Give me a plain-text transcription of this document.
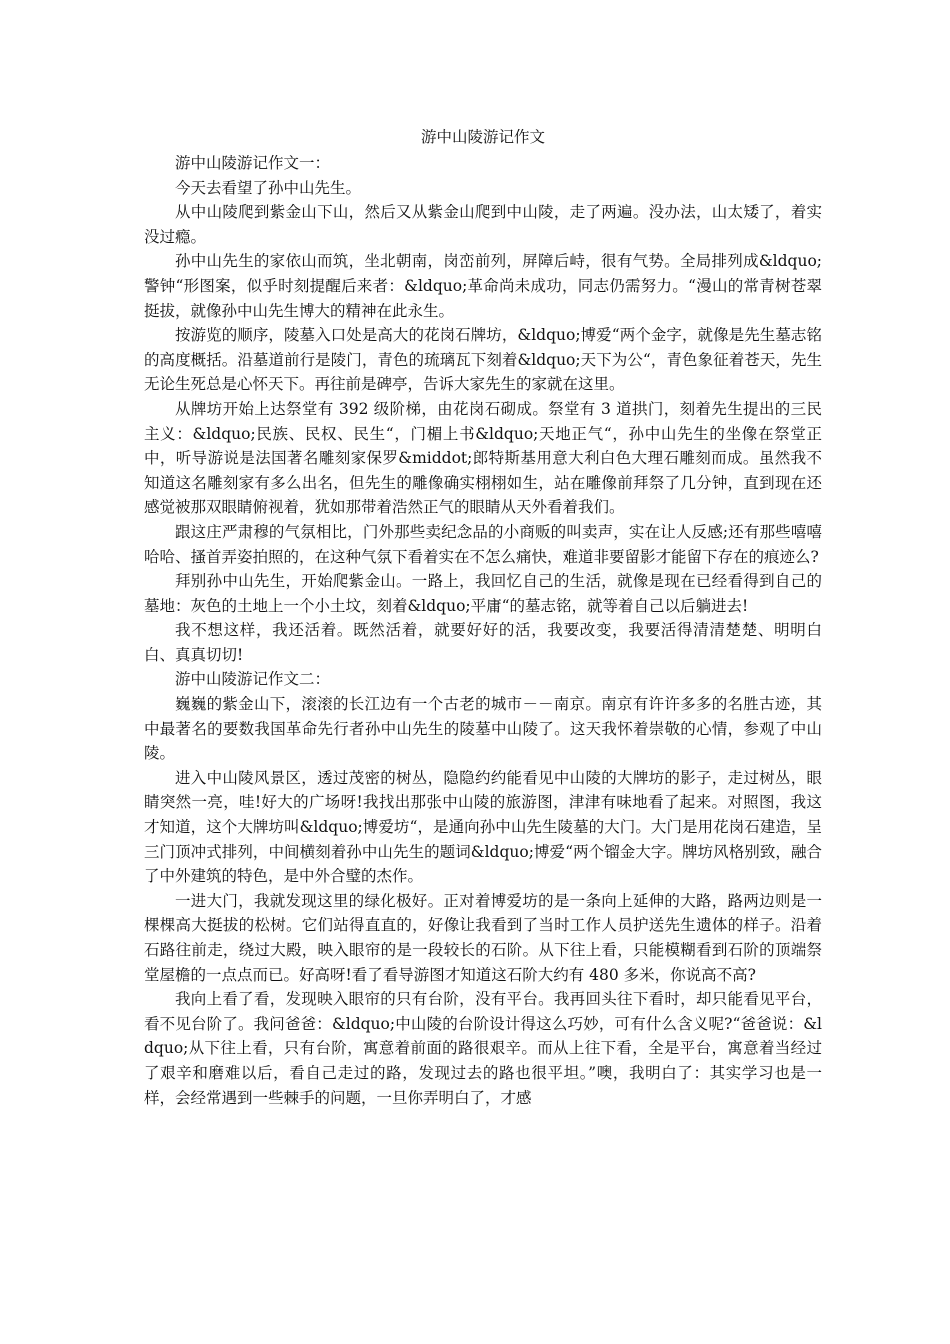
游中山陵游记作文

游中山陵游记作文一：

今天去看望了孙中山先生。

从中山陵爬到紫金山下山，然后又从紫金山爬到中山陵，走了两遍。没办法，山太矮了，着实没过瘾。

孙中山先生的家依山而筑，坐北朝南，岗峦前列，屏障后峙，很有气势。全局排列成&ldquo;警钟“形图案，似乎时刻提醒后来者：&ldquo;革命尚未成功，同志仍需努力。“漫山的常青树苍翠挺拔，就像孙中山先生博大的精神在此永生。

按游览的顺序，陵墓入口处是高大的花岗石牌坊，&ldquo;博爱“两个金字，就像是先生墓志铭的高度概括。沿墓道前行是陵门，青色的琉璃瓦下刻着&ldquo;天下为公“，青色象征着苍天，先生无论生死总是心怀天下。再往前是碑亭，告诉大家先生的家就在这里。

从牌坊开始上达祭堂有 392 级阶梯，由花岗石砌成。祭堂有 3 道拱门，刻着先生提出的三民主义：&ldquo;民族、民权、民生“，门楣上书&ldquo;天地正气“，孙中山先生的坐像在祭堂正中，听导游说是法国著名雕刻家保罗&middot;郎特斯基用意大利白色大理石雕刻而成。虽然我不知道这名雕刻家有多么出名，但先生的雕像确实栩栩如生，站在雕像前拜祭了几分钟，直到现在还感觉被那双眼睛俯视着，犹如那带着浩然正气的眼睛从天外看着我们。

跟这庄严肃穆的气氛相比，门外那些卖纪念品的小商贩的叫卖声，实在让人反感;还有那些嘻嘻哈哈、搔首弄姿拍照的，在这种气氛下看着实在不怎么痛快，难道非要留影才能留下存在的痕迹么?

拜别孙中山先生，开始爬紫金山。一路上，我回忆自己的生活，就像是现在已经看得到自己的墓地：灰色的土地上一个小土坟，刻着&ldquo;平庸“的墓志铭，就等着自己以后躺进去!

我不想这样，我还活着。既然活着，就要好好的活，我要改变，我要活得清清楚楚、明明白白、真真切切!

游中山陵游记作文二：

巍巍的紫金山下，滚滚的长江边有一个古老的城市－－南京。南京有许许多多的名胜古迹，其中最著名的要数我国革命先行者孙中山先生的陵墓中山陵了。这天我怀着崇敬的心情，参观了中山陵。

进入中山陵风景区，透过茂密的树丛，隐隐约约能看见中山陵的大牌坊的影子，走过树丛，眼睛突然一亮，哇!好大的广场呀!我找出那张中山陵的旅游图，津津有味地看了起来。对照图，我这才知道，这个大牌坊叫&ldquo;博爱坊“，是通向孙中山先生陵墓的大门。大门是用花岗石建造，呈三门顶冲式排列，中间横刻着孙中山先生的题词&ldquo;博爱“两个镏金大字。牌坊风格别致，融合了中外建筑的特色，是中外合璧的杰作。

一进大门，我就发现这里的绿化极好。正对着博爱坊的是一条向上延伸的大路，路两边则是一棵棵高大挺拔的松树。它们站得直直的，好像让我看到了当时工作人员护送先生遗体的样子。沿着石路往前走，绕过大殿，映入眼帘的是一段较长的石阶。从下往上看，只能模糊看到石阶的顶端祭堂屋檐的一点点而已。好高呀!看了看导游图才知道这石阶大约有 480 多米，你说高不高?

我向上看了看，发现映入眼帘的只有台阶，没有平台。我再回头往下看时，却只能看见平台，看不见台阶了。我问爸爸：&ldquo;中山陵的台阶设计得这么巧妙，可有什么含义呢?“爸爸说：&ldquo;从下往上看，只有台阶，寓意着前面的路很艰辛。而从上往下看，全是平台，寓意着当经过了艰辛和磨难以后，看自己走过的路，发现过去的路也很平坦。”噢，我明白了：其实学习也是一样，会经常遇到一些棘手的问题，一旦你弄明白了，才感
